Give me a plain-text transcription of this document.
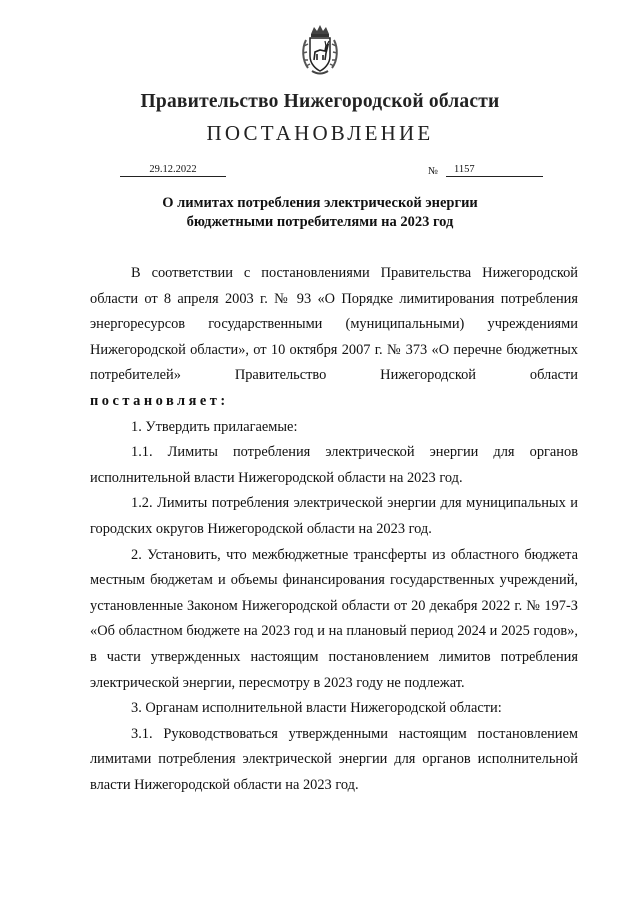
Правительство Нижегородской области
ПОСТАНОВЛЕНИЕ
29.12.2022	№	1157
О лимитах потребления электрической энергии
бюджетными потребителями на 2023 год

В соответствии с постановлениями Правительства Нижегородской области от 8 апреля 2003 г. № 93 «О Порядке лимитирования потребления энергоресурсов государственными (муниципальными) учреждениями Нижегородской области», от 10 октября 2007 г. № 373 «О перечне бюджетных потребителей» Правительство Нижегородской области

постановляет:

1. Утвердить прилагаемые:

1.1. Лимиты потребления электрической энергии для органов исполнительной власти Нижегородской области на 2023 год.

1.2. Лимиты потребления электрической энергии для муниципальных и городских округов Нижегородской области на 2023 год.

2. Установить, что межбюджетные трансферты из областного бюджета местным бюджетам и объемы финансирования государственных учреждений, установленные Законом Нижегородской области от 20 декабря 2022 г. № 197-З «Об областном бюджете на 2023 год и на плановый период 2024 и 2025 годов», в части утвержденных настоящим постановлением лимитов потребления электрической энергии, пересмотру в 2023 году не подлежат.

3. Органам исполнительной власти Нижегородской области:

3.1. Руководствоваться утвержденными настоящим постановлением лимитами потребления электрической энергии для органов исполнительной власти Нижегородской области на 2023 год.
